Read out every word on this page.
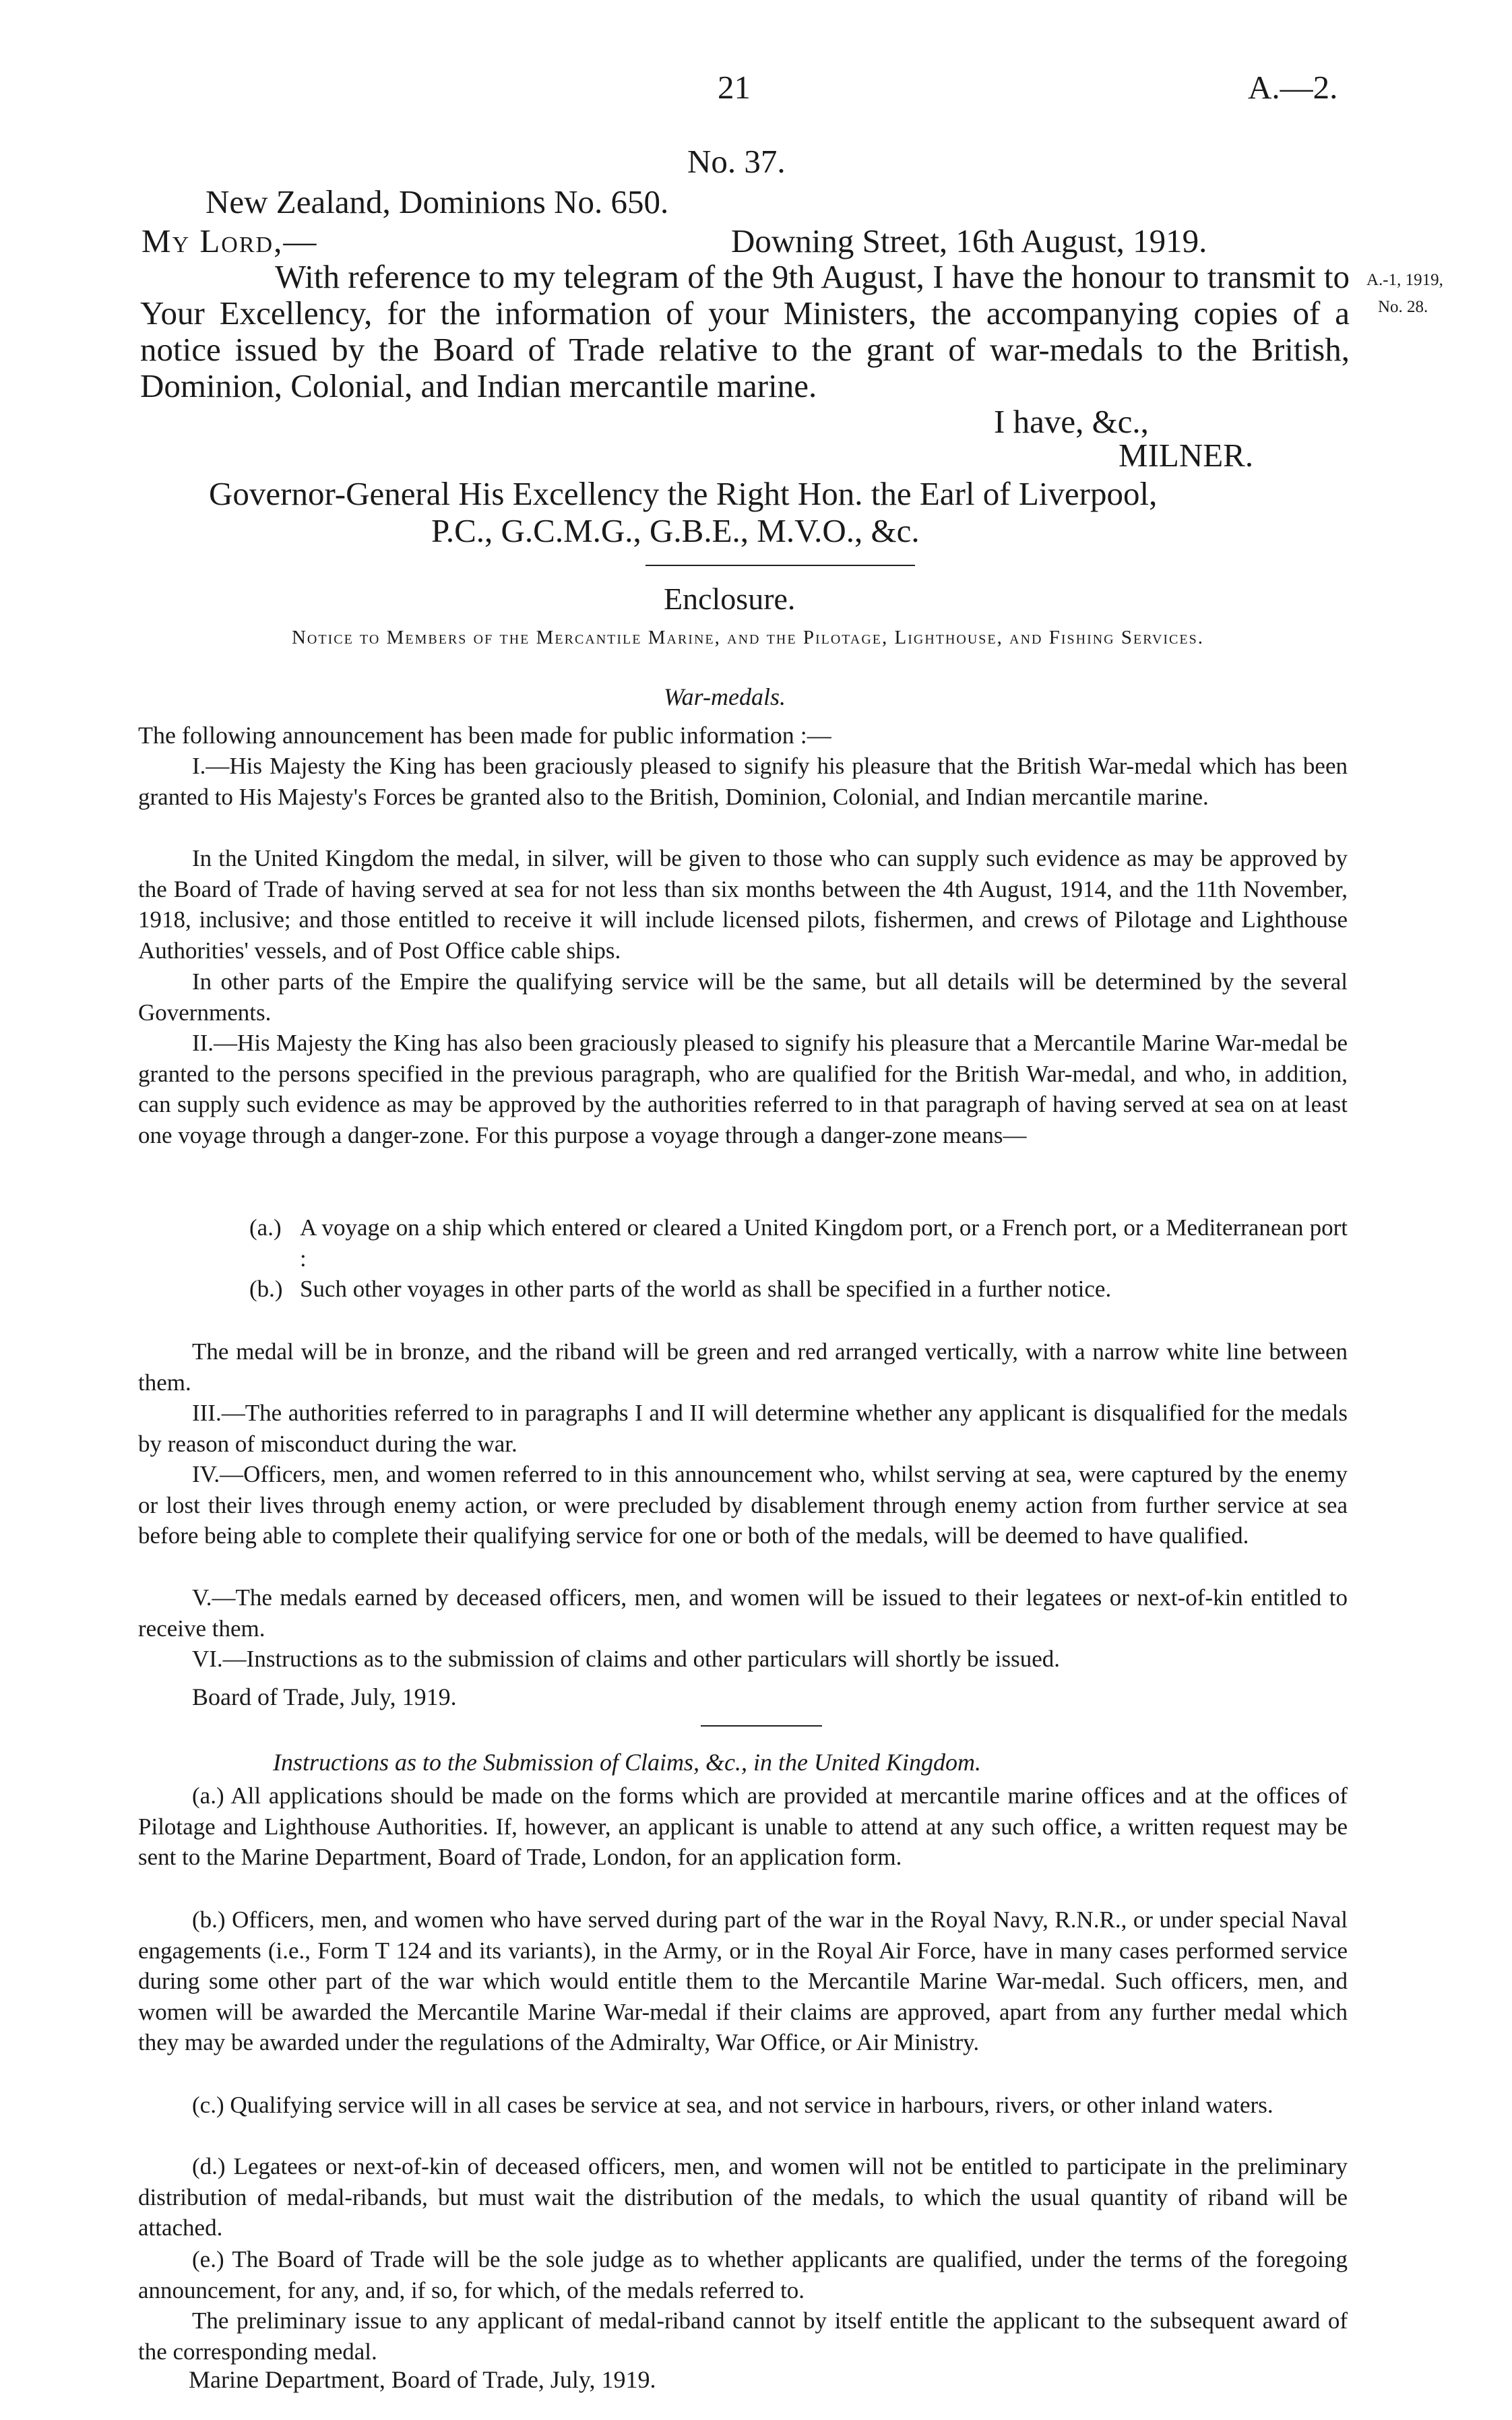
21	A.—2.
No. 37.
New Zealand, Dominions No. 650.
My Lord,—	Downing Street, 16th August, 1919.
With reference to my telegram of the 9th August, I have the honour to transmit to Your Excellency, for the information of your Ministers, the accompanying copies of a notice issued by the Board of Trade relative to the grant of war-medals to the British, Dominion, Colonial, and Indian mercantile marine.
I have, &c.,
MILNER.
Governor-General His Excellency the Right Hon. the Earl of Liverpool,
P.C., G.C.M.G., G.B.E., M.V.O., &c.
A.-1, 1919,
No. 28.
Enclosure.
Notice to Members of the Mercantile Marine, and the Pilotage, Lighthouse, and Fishing Services.
War-medals.
The following announcement has been made for public information :—
I.—His Majesty the King has been graciously pleased to signify his pleasure that the British War-medal which has been granted to His Majesty's Forces be granted also to the British, Dominion, Colonial, and Indian mercantile marine.
In the United Kingdom the medal, in silver, will be given to those who can supply such evidence as may be approved by the Board of Trade of having served at sea for not less than six months between the 4th August, 1914, and the 11th November, 1918, inclusive; and those entitled to receive it will include licensed pilots, fishermen, and crews of Pilotage and Lighthouse Authorities' vessels, and of Post Office cable ships.
In other parts of the Empire the qualifying service will be the same, but all details will be determined by the several Governments.
II.—His Majesty the King has also been graciously pleased to signify his pleasure that a Mercantile Marine War-medal be granted to the persons specified in the previous paragraph, who are qualified for the British War-medal, and who, in addition, can supply such evidence as may be approved by the authorities referred to in that paragraph of having served at sea on at least one voyage through a danger-zone. For this purpose a voyage through a danger-zone means—
(a.) A voyage on a ship which entered or cleared a United Kingdom port, or a French port, or a Mediterranean port :
(b.) Such other voyages in other parts of the world as shall be specified in a further notice.
The medal will be in bronze, and the riband will be green and red arranged vertically, with a narrow white line between them.
III.—The authorities referred to in paragraphs I and II will determine whether any applicant is disqualified for the medals by reason of misconduct during the war.
IV.—Officers, men, and women referred to in this announcement who, whilst serving at sea, were captured by the enemy or lost their lives through enemy action, or were precluded by disablement through enemy action from further service at sea before being able to complete their qualifying service for one or both of the medals, will be deemed to have qualified.
V.—The medals earned by deceased officers, men, and women will be issued to their legatees or next-of-kin entitled to receive them.
VI.—Instructions as to the submission of claims and other particulars will shortly be issued.
Board of Trade, July, 1919.
Instructions as to the Submission of Claims, &c., in the United Kingdom.
(a.) All applications should be made on the forms which are provided at mercantile marine offices and at the offices of Pilotage and Lighthouse Authorities. If, however, an applicant is unable to attend at any such office, a written request may be sent to the Marine Department, Board of Trade, London, for an application form.
(b.) Officers, men, and women who have served during part of the war in the Royal Navy, R.N.R., or under special Naval engagements (i.e., Form T 124 and its variants), in the Army, or in the Royal Air Force, have in many cases performed service during some other part of the war which would entitle them to the Mercantile Marine War-medal. Such officers, men, and women will be awarded the Mercantile Marine War-medal if their claims are approved, apart from any further medal which they may be awarded under the regulations of the Admiralty, War Office, or Air Ministry.
(c.) Qualifying service will in all cases be service at sea, and not service in harbours, rivers, or other inland waters.
(d.) Legatees or next-of-kin of deceased officers, men, and women will not be entitled to participate in the preliminary distribution of medal-ribands, but must wait the distribution of the medals, to which the usual quantity of riband will be attached.
(e.) The Board of Trade will be the sole judge as to whether applicants are qualified, under the terms of the foregoing announcement, for any, and, if so, for which, of the medals referred to.
The preliminary issue to any applicant of medal-riband cannot by itself entitle the applicant to the subsequent award of the corresponding medal.
Marine Department, Board of Trade, July, 1919.
